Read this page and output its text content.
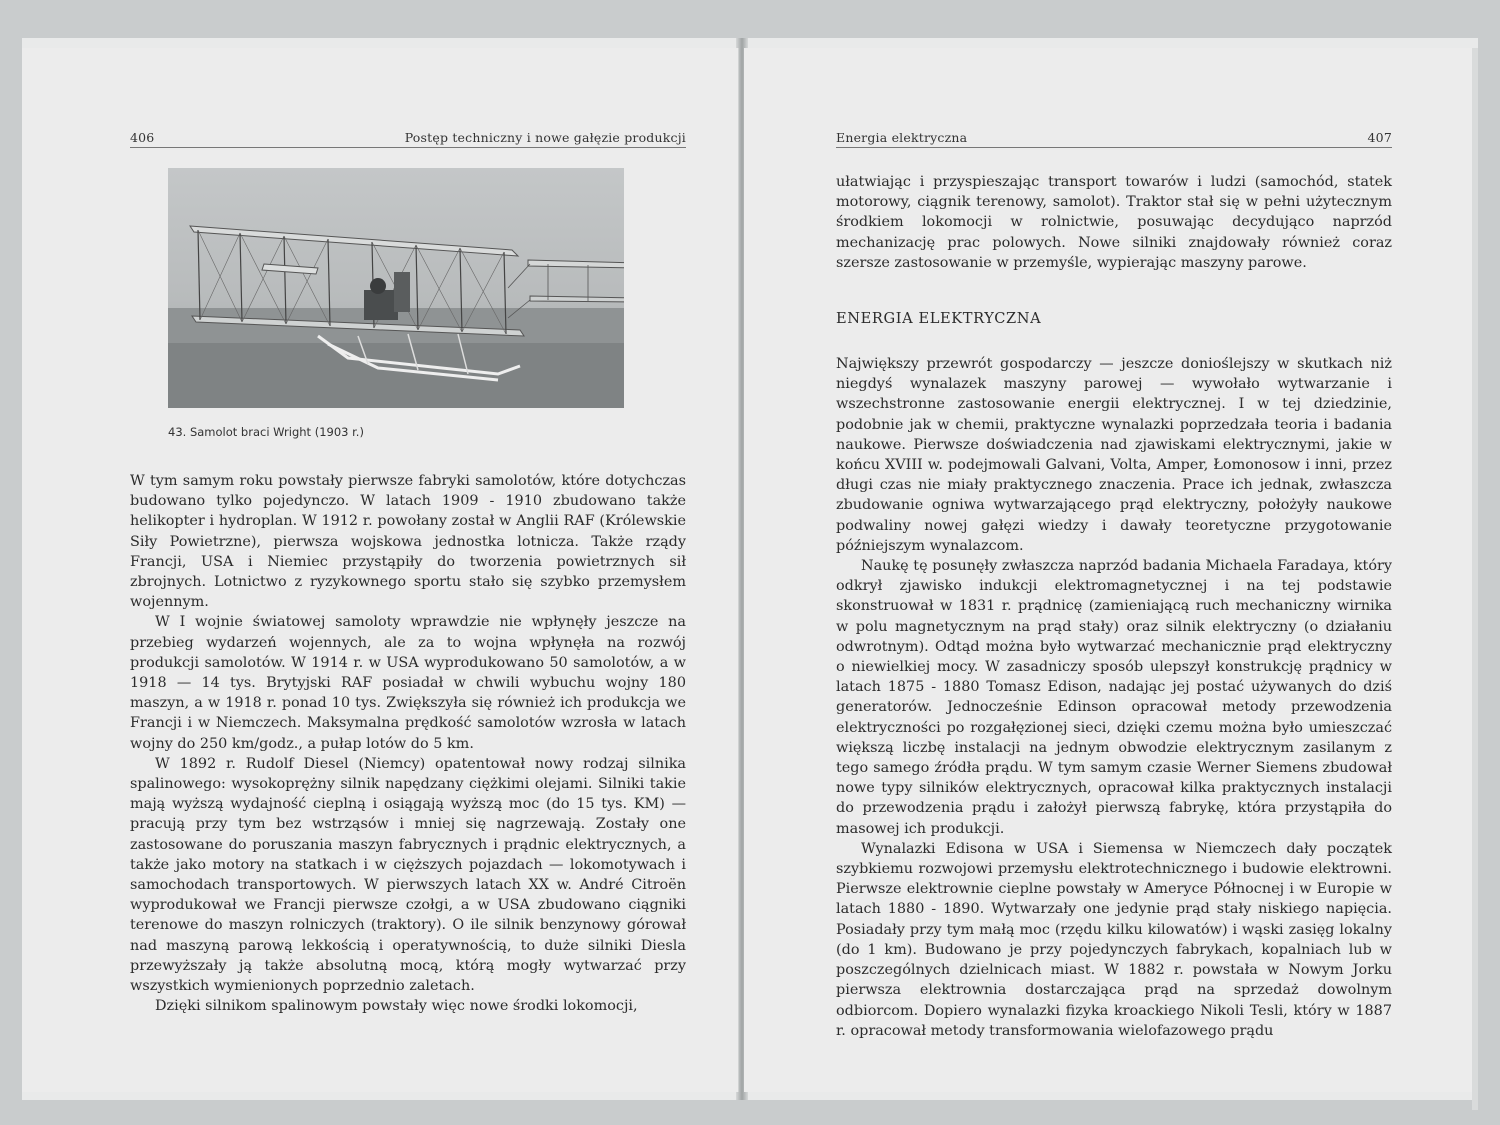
406	Postęp techniczny i nowe gałęzie produkcji
43. Samolot braci Wright (1903 r.)

W tym samym roku powstały pierwsze fabryki samolotów, które dotychczas budowano tylko pojedynczo. W latach 1909 - 1910 zbudowano także helikopter i hydroplan. W 1912 r. powołany został w Anglii RAF (Królewskie Siły Powietrzne), pierwsza wojskowa jednostka lotnicza. Także rządy Francji, USA i Niemiec przystąpiły do tworzenia powietrznych sił zbrojnych. Lotnictwo z ryzykownego sportu stało się szybko przemysłem wojennym.

W I wojnie światowej samoloty wprawdzie nie wpłynęły jeszcze na przebieg wydarzeń wojennych, ale za to wojna wpłynęła na rozwój produkcji samolotów. W 1914 r. w USA wyprodukowano 50 samolotów, a w 1918 — 14 tys. Brytyjski RAF posiadał w chwili wybuchu wojny 180 maszyn, a w 1918 r. ponad 10 tys. Zwiększyła się również ich produkcja we Francji i w Niemczech. Maksymalna prędkość samolotów wzrosła w latach wojny do 250 km/godz., a pułap lotów do 5 km.

W 1892 r. Rudolf Diesel (Niemcy) opatentował nowy rodzaj silnika spalinowego: wysokoprężny silnik napędzany ciężkimi olejami. Silniki takie mają wyższą wydajność cieplną i osiągają wyższą moc (do 15 tys. KM) — pracują przy tym bez wstrząsów i mniej się nagrzewają. Zostały one zastosowane do poruszania maszyn fabrycznych i prądnic elektrycznych, a także jako motory na statkach i w cięższych pojazdach — lokomotywach i samochodach transportowych. W pierwszych latach XX w. André Citroën wyprodukował we Francji pierwsze czołgi, a w USA zbudowano ciągniki terenowe do maszyn rolniczych (traktory). O ile silnik benzynowy górował nad maszyną parową lekkością i operatywnością, to duże silniki Diesla przewyższały ją także absolutną mocą, którą mogły wytwarzać przy wszystkich wymienionych poprzednio zaletach.

Dzięki silnikom spalinowym powstały więc nowe środki lokomocji,

Energia elektryczna	407

ułatwiając i przyspieszając transport towarów i ludzi (samochód, statek motorowy, ciągnik terenowy, samolot). Traktor stał się w pełni użytecznym środkiem lokomocji w rolnictwie, posuwając decydująco naprzód mechanizację prac polowych. Nowe silniki znajdowały również coraz szersze zastosowanie w przemyśle, wypierając maszyny parowe.

ENERGIA ELEKTRYCZNA

Największy przewrót gospodarczy — jeszcze donioślejszy w skutkach niż niegdyś wynalazek maszyny parowej — wywołało wytwarzanie i wszechstronne zastosowanie energii elektrycznej. I w tej dziedzinie, podobnie jak w chemii, praktyczne wynalazki poprzedzała teoria i badania naukowe. Pierwsze doświadczenia nad zjawiskami elektrycznymi, jakie w końcu XVIII w. podejmowali Galvani, Volta, Amper, Łomonosow i inni, przez długi czas nie miały praktycznego znaczenia. Prace ich jednak, zwłaszcza zbudowanie ogniwa wytwarzającego prąd elektryczny, położyły naukowe podwaliny nowej gałęzi wiedzy i dawały teoretyczne przygotowanie późniejszym wynalazcom.

Naukę tę posunęły zwłaszcza naprzód badania Michaela Faradaya, który odkrył zjawisko indukcji elektromagnetycznej i na tej podstawie skonstruował w 1831 r. prądnicę (zamieniającą ruch mechaniczny wirnika w polu magnetycznym na prąd stały) oraz silnik elektryczny (o działaniu odwrotnym). Odtąd można było wytwarzać mechanicznie prąd elektryczny o niewielkiej mocy. W zasadniczy sposób ulepszył konstrukcję prądnicy w latach 1875 - 1880 Tomasz Edison, nadając jej postać używanych do dziś generatorów. Jednocześnie Edinson opracował metody przewodzenia elektryczności po rozgałęzionej sieci, dzięki czemu można było umieszczać większą liczbę instalacji na jednym obwodzie elektrycznym zasilanym z tego samego źródła prądu. W tym samym czasie Werner Siemens zbudował nowe typy silników elektrycznych, opracował kilka praktycznych instalacji do przewodzenia prądu i założył pierwszą fabrykę, która przystąpiła do masowej ich produkcji.

Wynalazki Edisona w USA i Siemensa w Niemczech dały początek szybkiemu rozwojowi przemysłu elektrotechnicznego i budowie elektrowni. Pierwsze elektrownie cieplne powstały w Ameryce Północnej i w Europie w latach 1880 - 1890. Wytwarzały one jedynie prąd stały niskiego napięcia. Posiadały przy tym małą moc (rzędu kilku kilowatów) i wąski zasięg lokalny (do 1 km). Budowano je przy pojedynczych fabrykach, kopalniach lub w poszczególnych dzielnicach miast. W 1882 r. powstała w Nowym Jorku pierwsza elektrownia dostarczająca prąd na sprzedaż dowolnym odbiorcom. Dopiero wynalazki fizyka kroackiego Nikoli Tesli, który w 1887 r. opracował metody transformowania wielofazowego prądu
